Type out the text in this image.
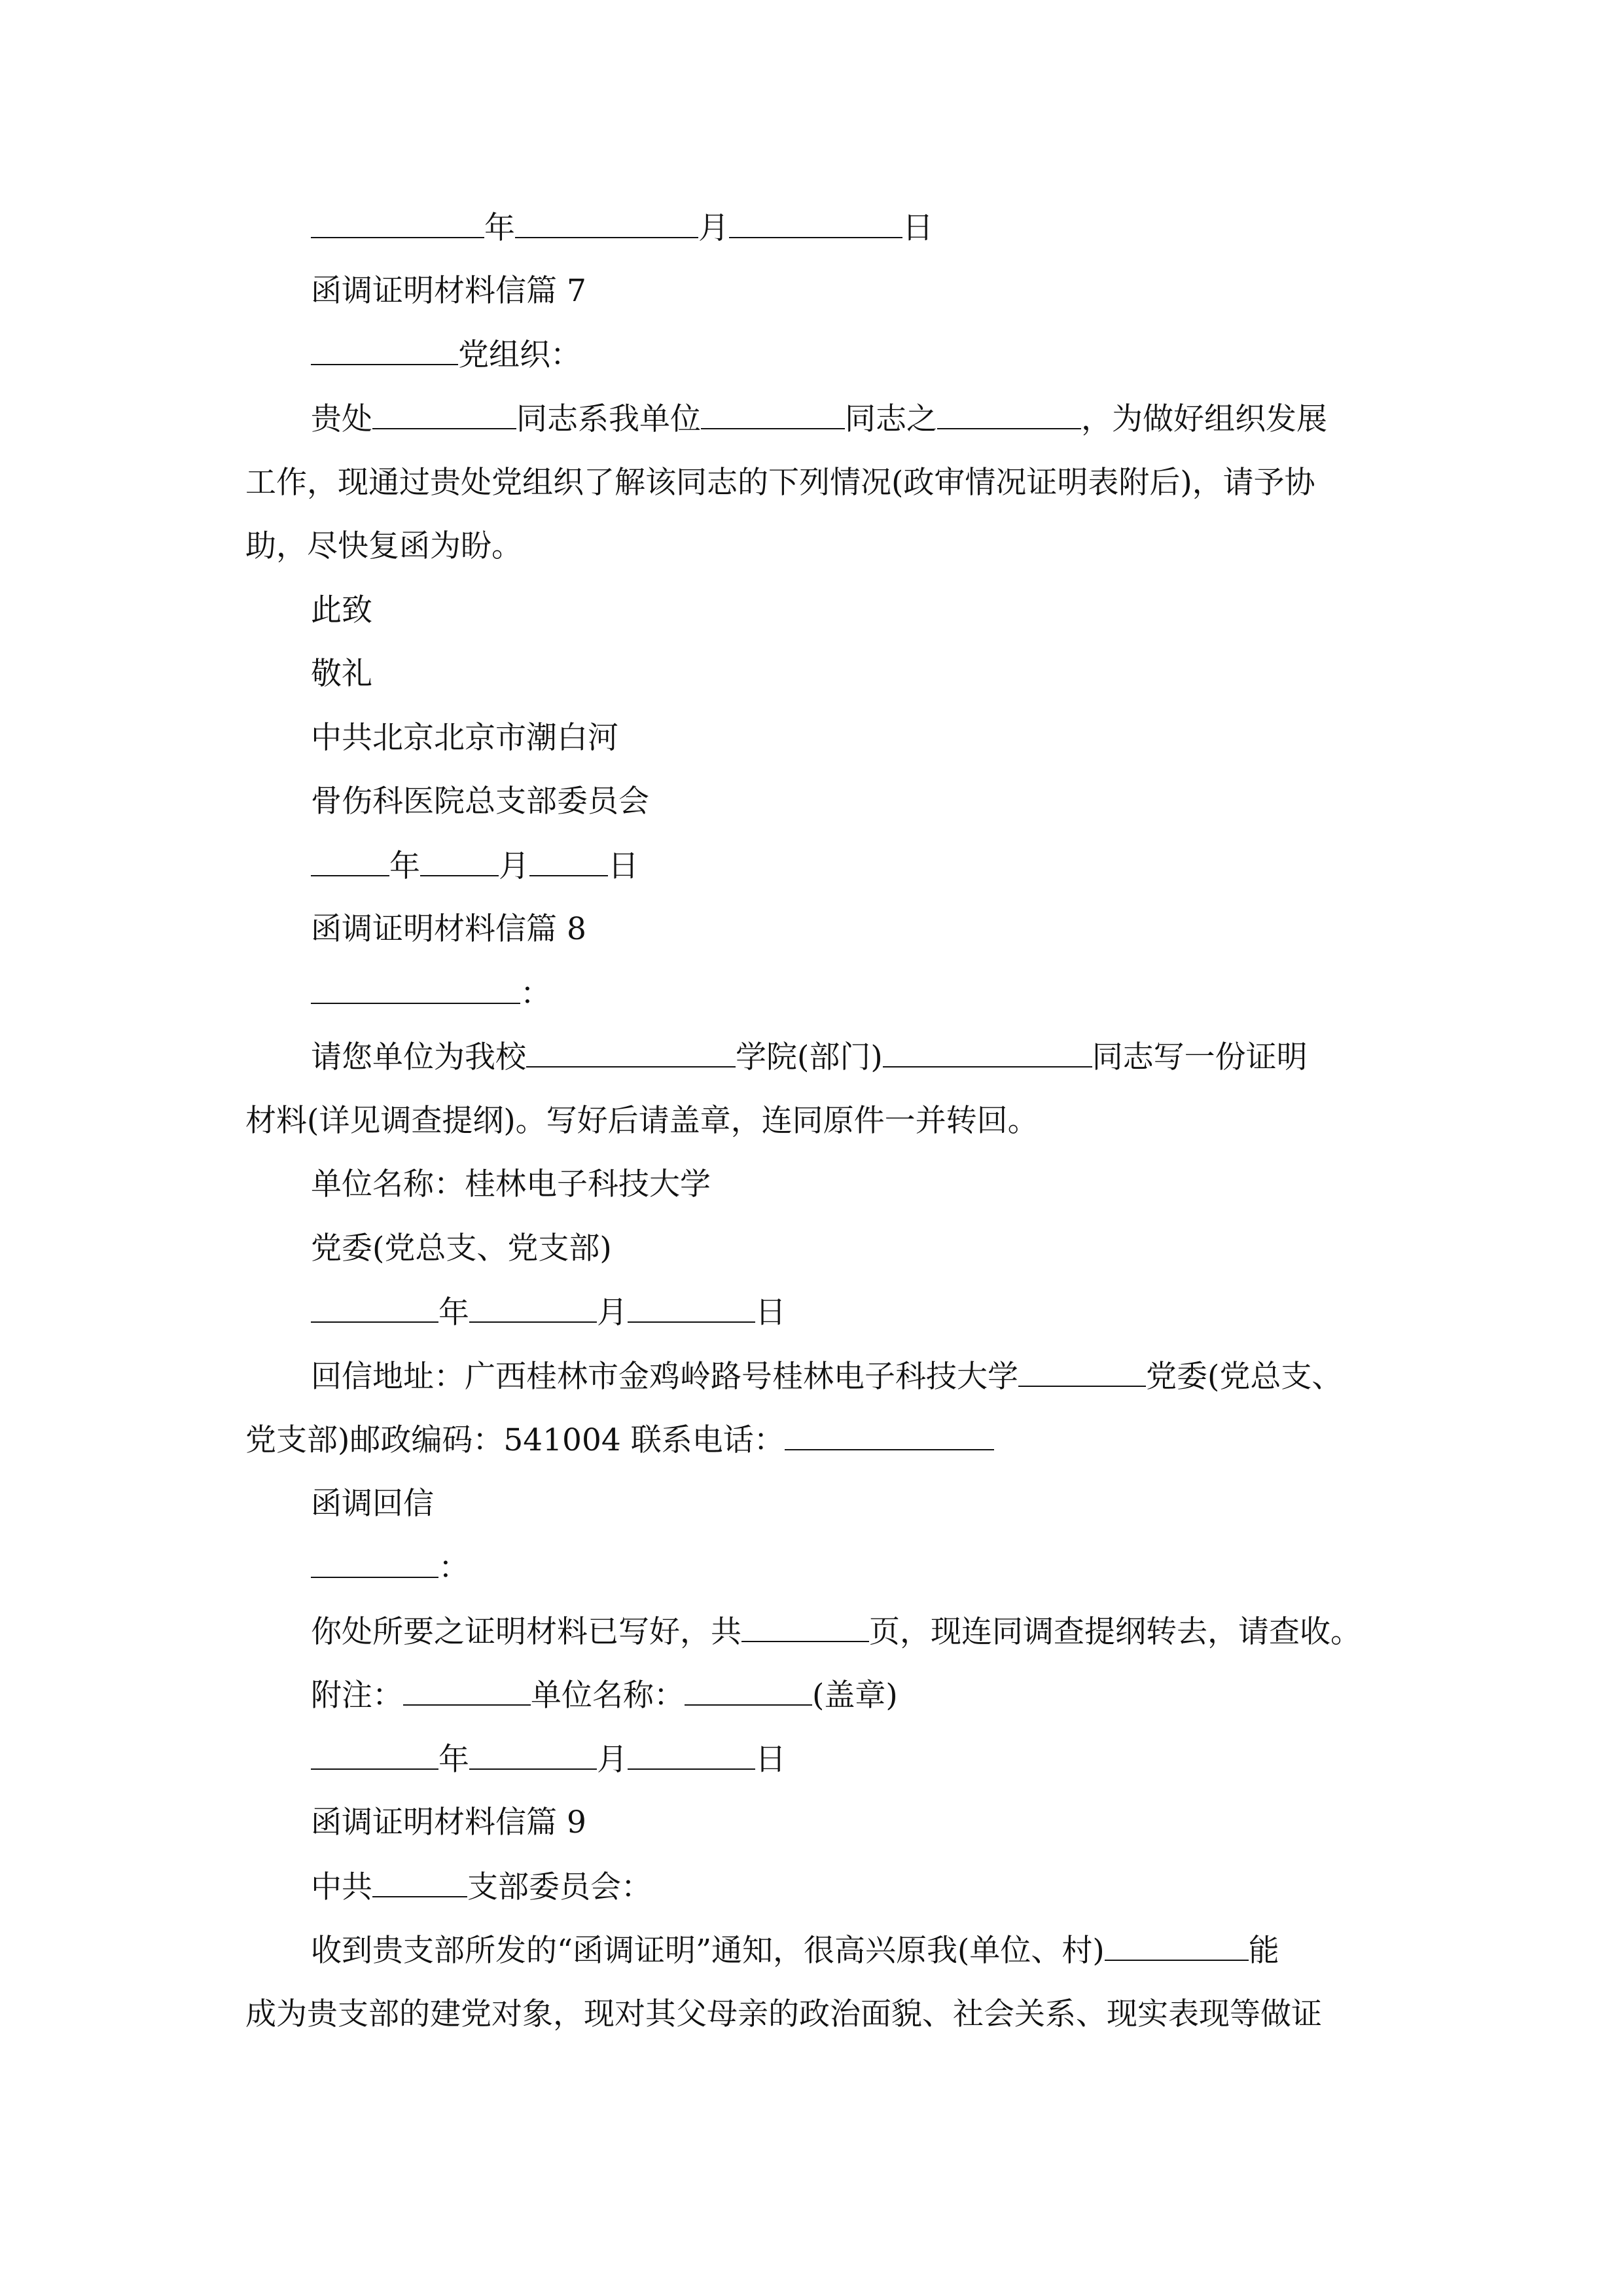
年	月	日
函调证明材料信篇 7
党组织：
贵处	同志系我单位	同志之	，为做好组织发展
工作，现通过贵处党组织了解该同志的下列情况(政审情况证明表附后)，请予协
助，尽快复函为盼。
此致
敬礼
中共北京北京市潮白河
骨伤科医院总支部委员会
年	月	日
函调证明材料信篇 8
：
请您单位为我校	学院(部门)	同志写一份证明
材料(详见调查提纲)。写好后请盖章，连同原件一并转回。
单位名称：桂林电子科技大学
党委(党总支、党支部)
年	月	日
回信地址：广西桂林市金鸡岭路号桂林电子科技大学	党委(党总支、
党支部)邮政编码：541004 联系电话：
函调回信
：
你处所要之证明材料已写好，共	页，现连同调查提纲转去，请查收。
附注：	单位名称：	(盖章)
年	月	日
函调证明材料信篇 9
中共	支部委员会：
收到贵支部所发的“函调证明”通知，很高兴原我(单位、村)	能
成为贵支部的建党对象，现对其父母亲的政治面貌、社会关系、现实表现等做证
